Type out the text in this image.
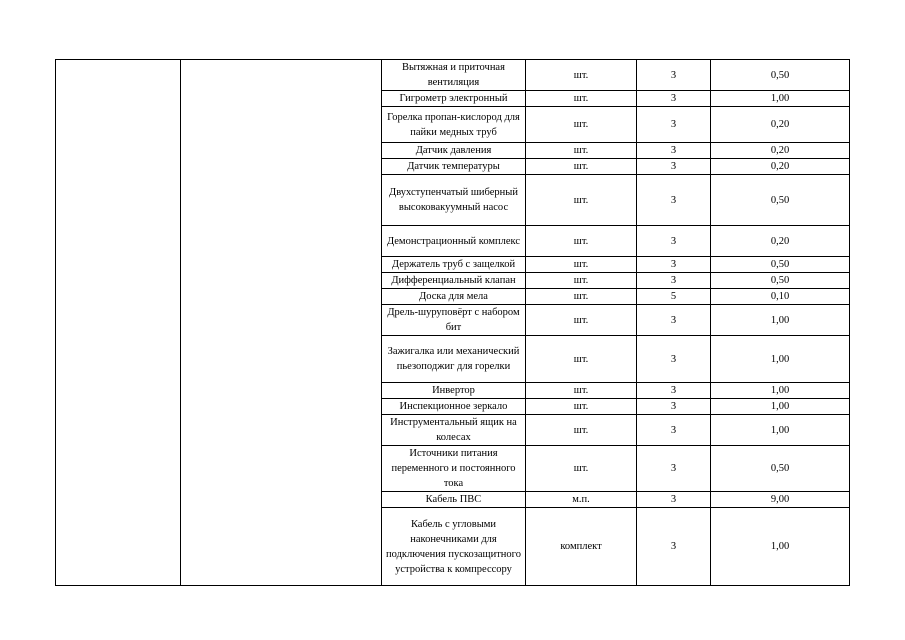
		Вытяжная и приточная вентиляция	шт.	3	0,50
		Гигрометр электронный	шт.	3	1,00
		Горелка пропан-кислород для пайки медных труб	шт.	3	0,20
		Датчик давления	шт.	3	0,20
		Датчик температуры	шт.	3	0,20
		Двухступенчатый шиберный высоковакуумный насос	шт.	3	0,50
		Демонстрационный комплекс	шт.	3	0,20
		Держатель труб с защелкой	шт.	3	0,50
		Дифференциальный клапан	шт.	3	0,50
		Доска для мела	шт.	5	0,10
		Дрель-шуруповёрт с набором бит	шт.	3	1,00
		Зажигалка или механический пьезоподжиг для горелки	шт.	3	1,00
		Инвертор	шт.	3	1,00
		Инспекционное зеркало	шт.	3	1,00
		Инструментальный ящик на колесах	шт.	3	1,00
		Источники питания переменного и постоянного тока	шт.	3	0,50
		Кабель ПВС	м.п.	3	9,00
		Кабель с угловыми наконечниками для подключения пускозащитного устройства к компрессору	комплект	3	1,00
